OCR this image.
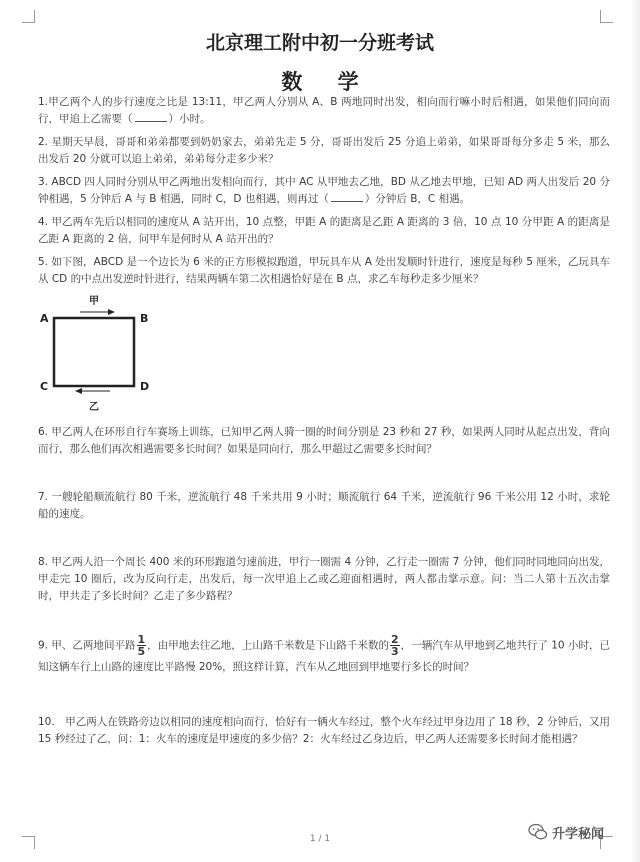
北京理工附中初一分班考试
数 学
1.甲乙两个人的步行速度之比是 13:11，甲乙两人分别从 A、B 两地同时出发，相向而行嘛小时后相遇，如果他们同向而行，甲追上乙需要（	）小时。
2. 星期天早晨，哥哥和弟弟都要到奶奶家去，弟弟先走 5 分，哥哥出发后 25 分追上弟弟，如果哥哥每分多走 5 米，那么出发后 20 分就可以追上弟弟，弟弟每分走多少米？
3. ABCD 四人同时分别从甲乙两地出发相向而行，其中 AC 从甲地去乙地，BD 从乙地去甲地，已知 AD 两人出发后 20 分钟相遇，5 分钟后 A 与 B 相遇，同时 C，D 也相遇，则再过（	）分钟后 B，C 相遇。
4. 甲乙两车先后以相同的速度从 A 站开出，10 点整，甲距 A 的距离是乙距 A 距离的 3 倍，10 点 10 分甲距 A 的距离是乙距 A 距离的 2 倍，问甲车是何时从 A 站开出的？
5. 如下图，ABCD 是一个边长为 6 米的正方形模拟跑道，甲玩具车从 A 处出发顺时针进行，速度是每秒 5 厘米，乙玩具车从 CD 的中点出发逆时针进行，结果两辆车第二次相遇恰好是在 B 点，求乙车每秒走多少厘米？
甲
乙
A	B
C	D
6. 甲乙两人在环形自行车赛场上训练，已知甲乙两人骑一圈的时间分别是 23 秒和 27 秒，如果两人同时从起点出发，背向而行，那么他们再次相遇需要多长时间？如果是同向行，那么甲超过乙需要多长时间？
7. 一艘轮船顺流航行 80 千米，逆流航行 48 千米共用 9 小时；顺流航行 64 千米，逆流航行 96 千米公用 12 小时，求轮船的速度。
8. 甲乙两人沿一个周长 400 米的环形跑道匀速前进，甲行一圈需 4 分钟，乙行走一圈需 7 分钟，他们同时同地同向出发，甲走完 10 圈后，改为反向行走，出发后，每一次甲追上乙或乙迎面相遇时，两人都击掌示意。问：当二人第十五次击掌时，甲共走了多长时间？乙走了多少路程？
9. 甲、乙两地间平路 $\frac{1}{5}$ ，由甲地去往乙地，上山路千米数是下山路千米数的 $\frac{2}{3}$ ，一辆汽车从甲地到乙地共行了 10 小时，已知这辆车行上山路的速度比平路慢 20%，照这样计算，汽车从乙地回到甲地要行多长的时间？
10.　甲乙两人在铁路旁边以相同的速度相向而行，恰好有一辆火车经过，整个火车经过甲身边用了 18 秒，2 分钟后，又用 15 秒经过了乙，问：1：火车的速度是甲速度的多少倍？2：火车经过乙身边后，甲乙两人还需要多长时间才能相遇？
1 / 1	升学秘闻
